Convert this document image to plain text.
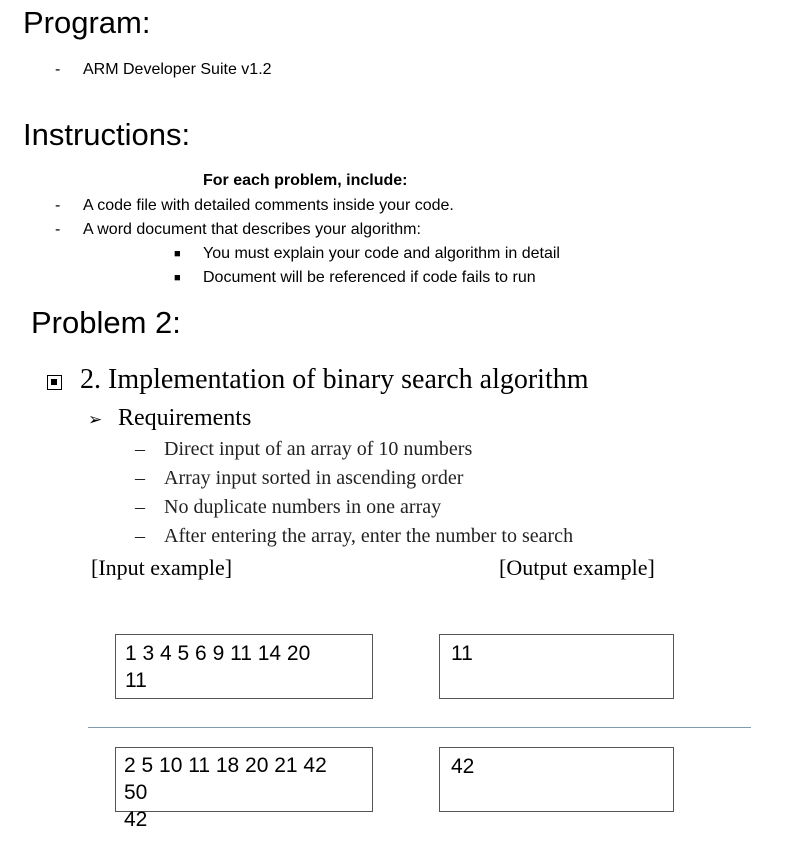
Program:
- ARM Developer Suite v1.2
Instructions:
For each problem, include:
- A code file with detailed comments inside your code.
- A word document that describes your algorithm:
■ You must explain your code and algorithm in detail
■ Document will be referenced if code fails to run
Problem 2:
2. Implementation of binary search algorithm
➢ Requirements
– Direct input of an array of 10 numbers
– Array input sorted in ascending order
– No duplicate numbers in one array
– After entering the array, enter the number to search
[Input example]	[Output example]
1 3 4 5 6 9 11 14 20
11
11
2 5 10 11 18 20 21 42
50
42
42
